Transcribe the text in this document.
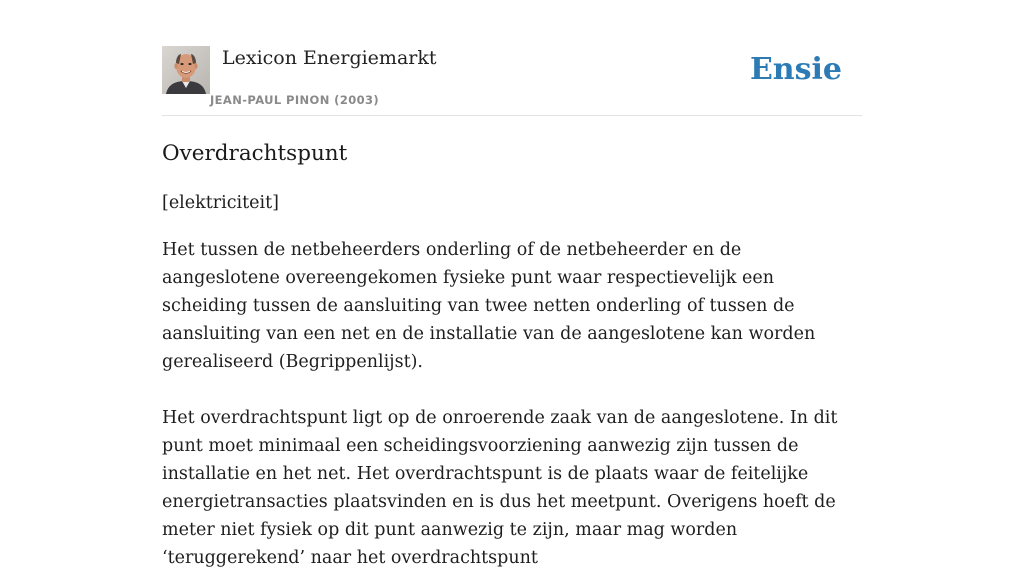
Lexicon Energiemarkt
JEAN-PAUL PINON (2003)
Ensie
Overdrachtspunt

[elektriciteit]

Het tussen de netbeheerders onderling of de netbeheerder en de aangeslotene overeengekomen fysieke punt waar respectievelijk een scheiding tussen de aansluiting van twee netten onderling of tussen de aansluiting van een net en de installatie van de aangeslotene kan worden gerealiseerd (Begrippenlijst).

Het overdrachtspunt ligt op de onroerende zaak van de aangeslotene. In dit punt moet minimaal een scheidingsvoorziening aanwezig zijn tussen de installatie en het net. Het overdrachtspunt is de plaats waar de feitelijke energietransacties plaatsvinden en is dus het meetpunt. Overigens hoeft de meter niet fysiek op dit punt aanwezig te zijn, maar mag worden ‘teruggerekend’ naar het overdrachtspunt
